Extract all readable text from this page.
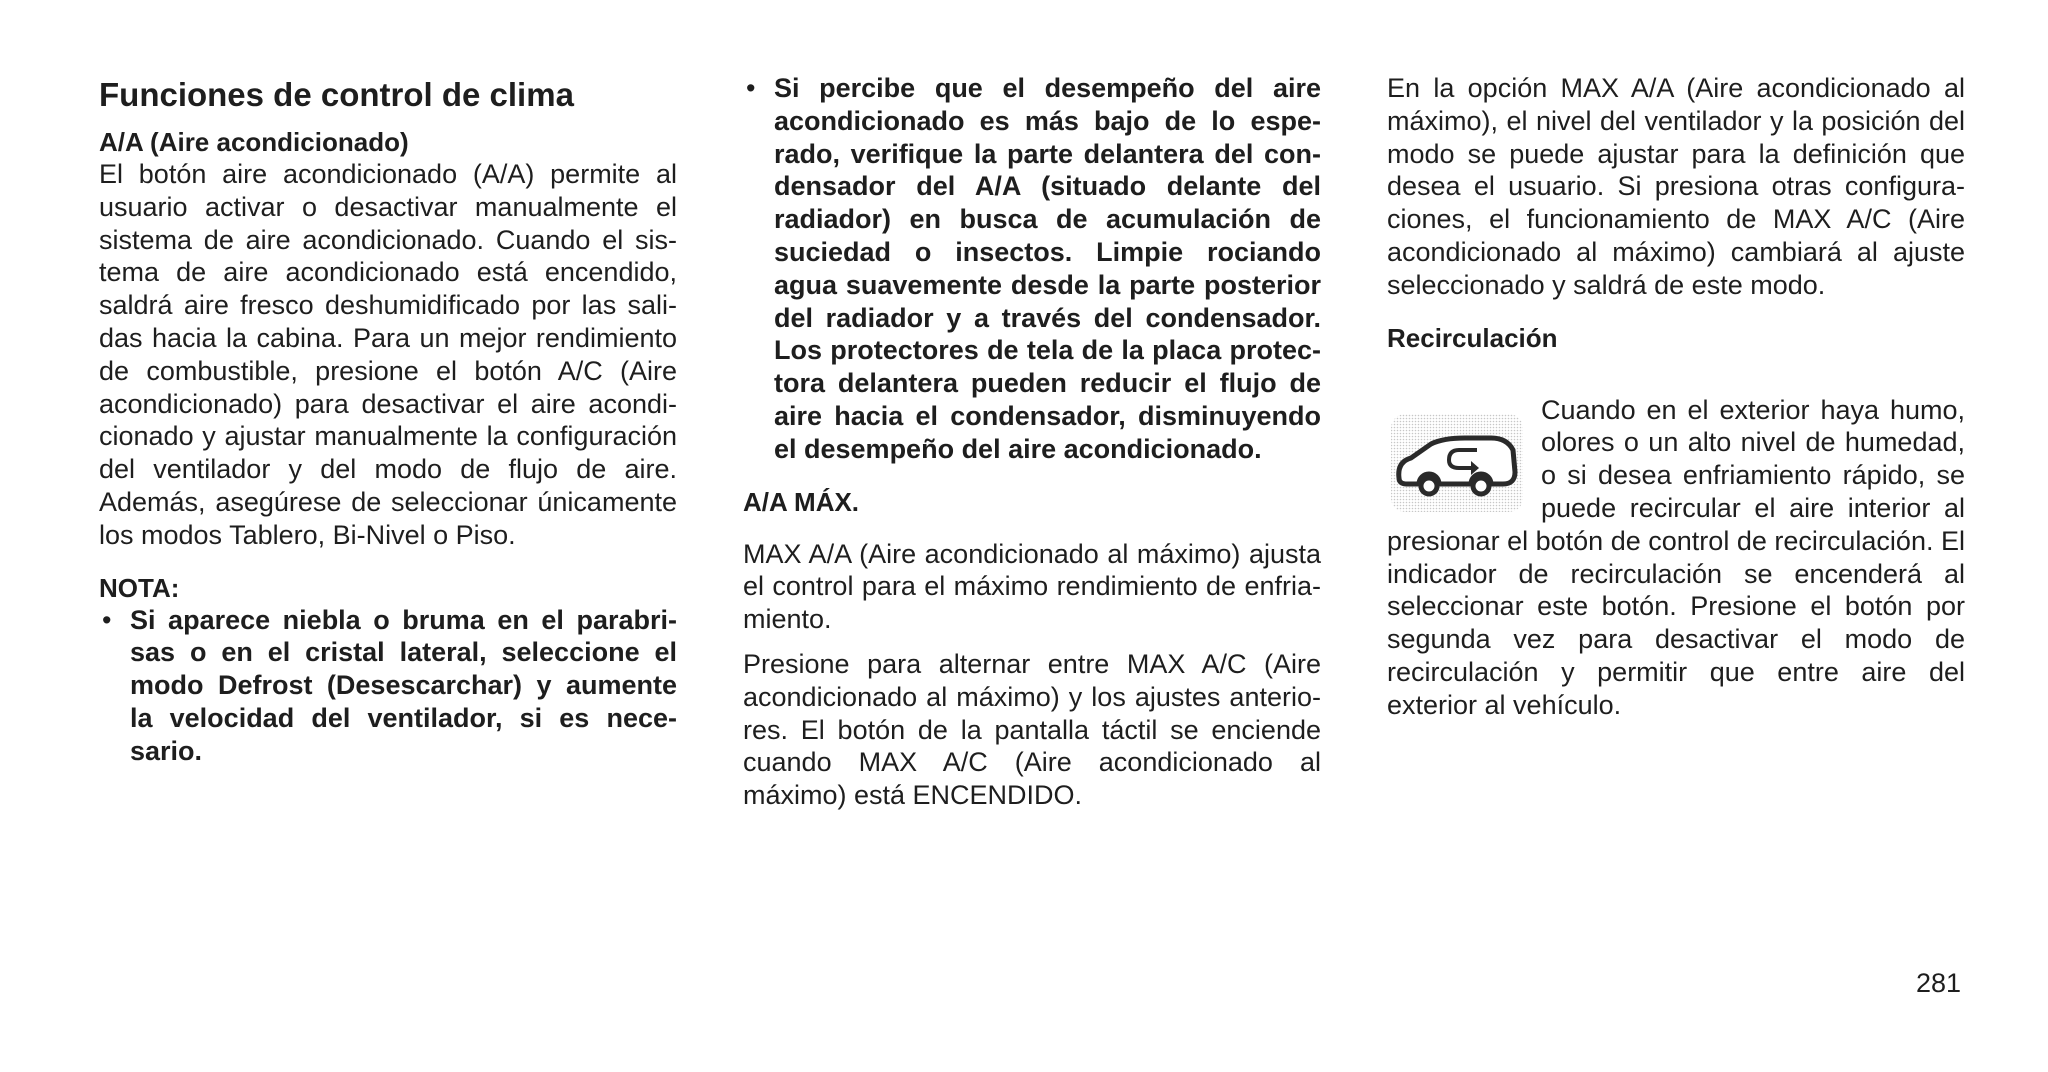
Funciones de control de clima
A/A (Aire acondicionado)

El botón aire acondicionado (A/A) permite al usuario activar o desactivar manualmente el sistema de aire acondicionado. Cuando el sistema de aire acondicionado está encendido, saldrá aire fresco deshumidificado por las salidas hacia la cabina. Para un mejor rendimiento de combustible, presione el botón A/C (Aire acondicionado) para desactivar el aire acondicionado y ajustar manualmente la configuración del ventilador y del modo de flujo de aire. Además, asegúrese de seleccionar únicamente los modos Tablero, Bi-Nivel o Piso.

NOTA:
• Si aparece niebla o bruma en el parabrisas o en el cristal lateral, seleccione el modo Defrost (Desescarchar) y aumente la velocidad del ventilador, si es necesario.
• Si percibe que el desempeño del aire acondicionado es más bajo de lo esperado, verifique la parte delantera del condensador del A/A (situado delante del radiador) en busca de acumulación de suciedad o insectos. Limpie rociando agua suavemente desde la parte posterior del radiador y a través del condensador. Los protectores de tela de la placa protectora delantera pueden reducir el flujo de aire hacia el condensador, disminuyendo el desempeño del aire acondicionado.
A/A MÁX.

MAX A/A (Aire acondicionado al máximo) ajusta el control para el máximo rendimiento de enfriamiento.

Presione para alternar entre MAX A/C (Aire acondicionado al máximo) y los ajustes anteriores. El botón de la pantalla táctil se enciende cuando MAX A/C (Aire acondicionado al máximo) está ENCENDIDO.

En la opción MAX A/A (Aire acondicionado al máximo), el nivel del ventilador y la posición del modo se puede ajustar para la definición que desea el usuario. Si presiona otras configuraciones, el funcionamiento de MAX A/C (Aire acondicionado al máximo) cambiará al ajuste seleccionado y saldrá de este modo.

Recirculación

Cuando en el exterior haya humo, olores o un alto nivel de humedad, o si desea enfriamiento rápido, se puede recircular el aire interior al presionar el botón de control de recirculación. El indicador de recirculación se encenderá al seleccionar este botón. Presione el botón por segunda vez para desactivar el modo de recirculación y permitir que entre aire del exterior al vehículo.

281
